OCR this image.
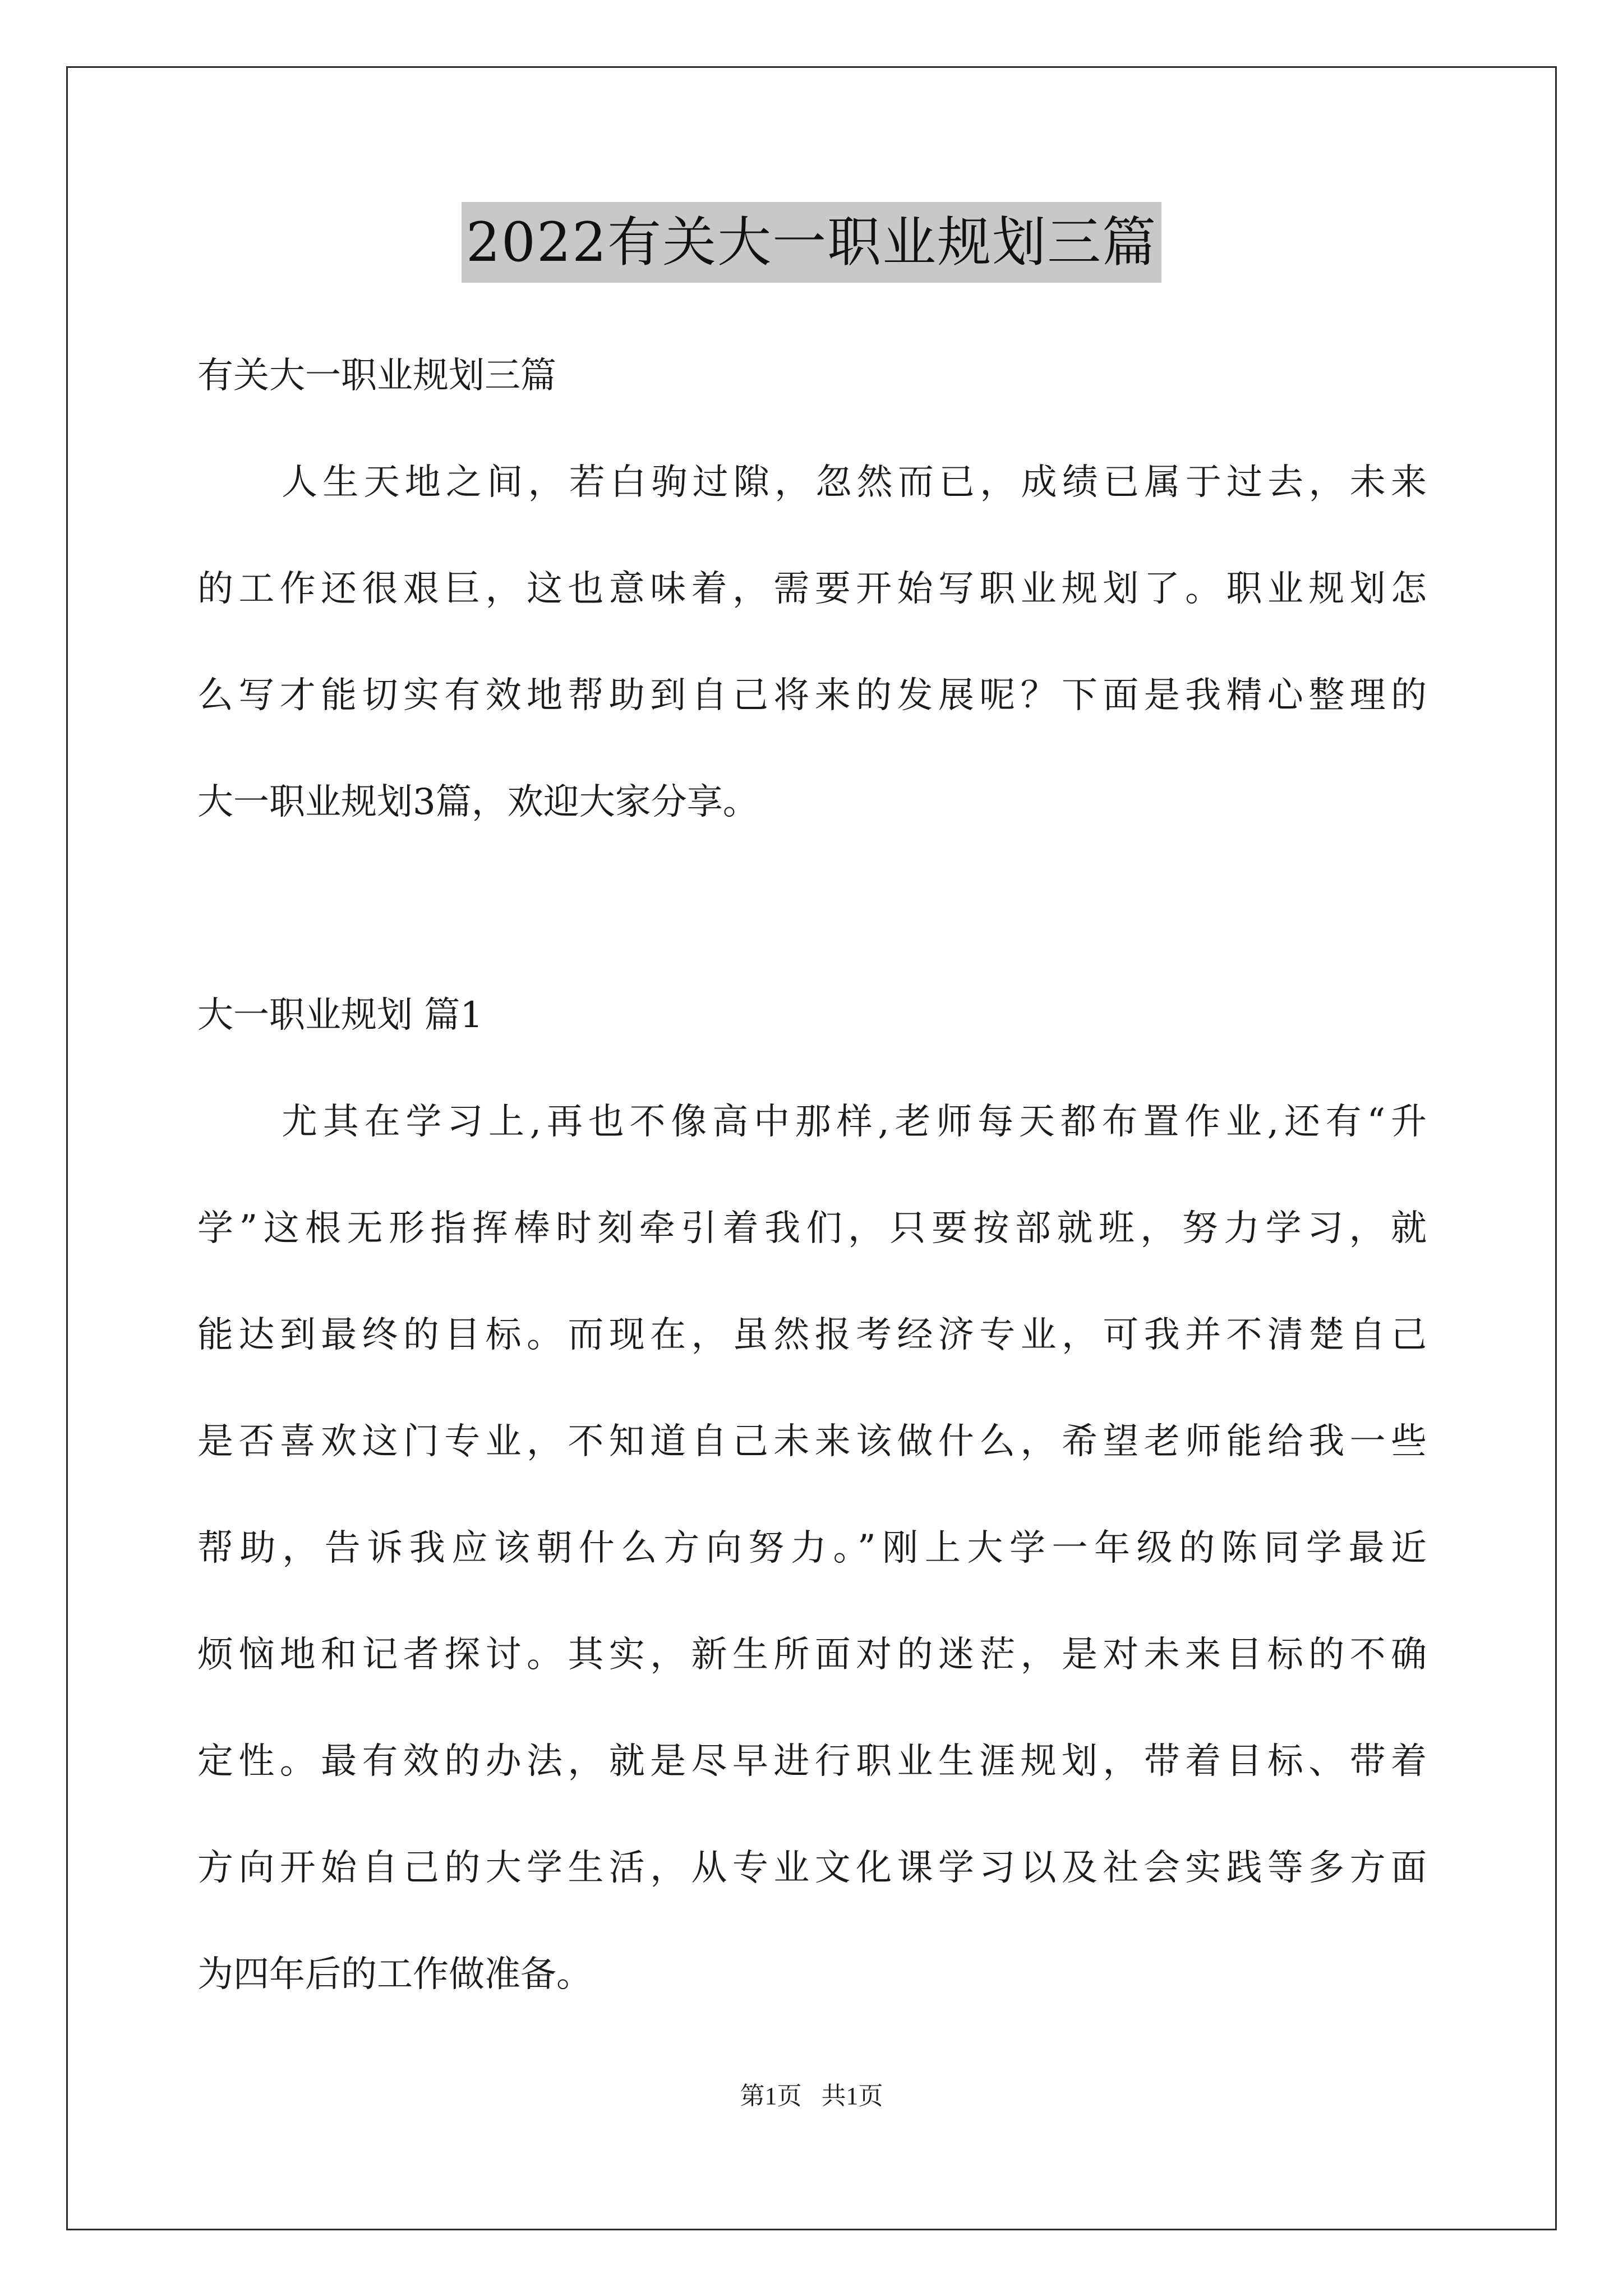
2022有关大一职业规划三篇
有关大一职业规划三篇
人生天地之间，若白驹过隙，忽然而已，成绩已属于过去，未来
的工作还很艰巨，这也意味着，需要开始写职业规划了。职业规划怎
么写才能切实有效地帮助到自己将来的发展呢？下面是我精心整理的
大一职业规划3篇，欢迎大家分享。
大一职业规划 篇1
尤其在学习上,再也不像高中那样,老师每天都布置作业,还有“升
学”这根无形指挥棒时刻牵引着我们，只要按部就班，努力学习，就
能达到最终的目标。而现在，虽然报考经济专业，可我并不清楚自己
是否喜欢这门专业，不知道自己未来该做什么，希望老师能给我一些
帮助，告诉我应该朝什么方向努力。”刚上大学一年级的陈同学最近
烦恼地和记者探讨。其实，新生所面对的迷茫，是对未来目标的不确
定性。最有效的办法，就是尽早进行职业生涯规划，带着目标、带着
方向开始自己的大学生活，从专业文化课学习以及社会实践等多方面
为四年后的工作做准备。
第1页 共1页
